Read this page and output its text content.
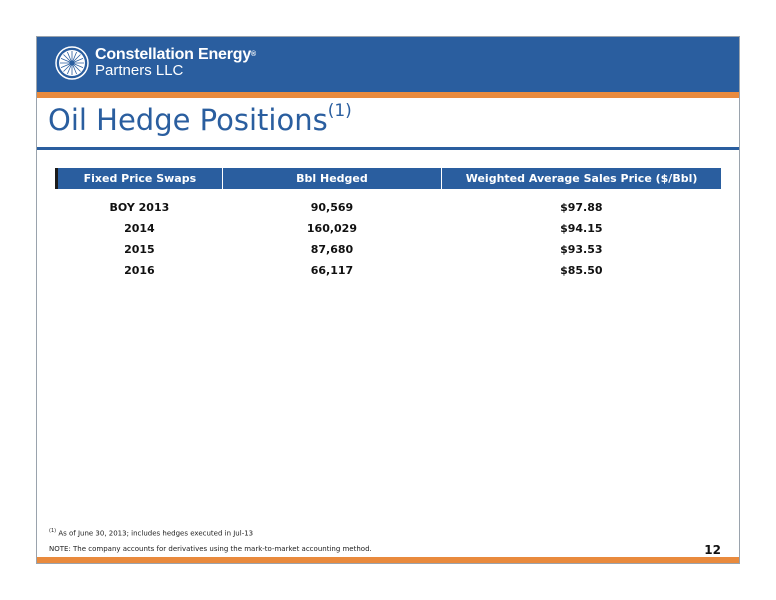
Constellation Energy®
Partners LLC
Oil Hedge Positions$^{(1)}$
Fixed Price Swaps	Bbl Hedged	Weighted Average Sales Price ($/Bbl)
BOY 2013	90,569	$97.88
2014	160,029	$94.15
2015	87,680	$93.53
2016	66,117	$85.50
$^{(1)}$ As of June 30, 2013; includes hedges executed in Jul-13
NOTE: The company accounts for derivatives using the mark-to-market accounting method.	12
